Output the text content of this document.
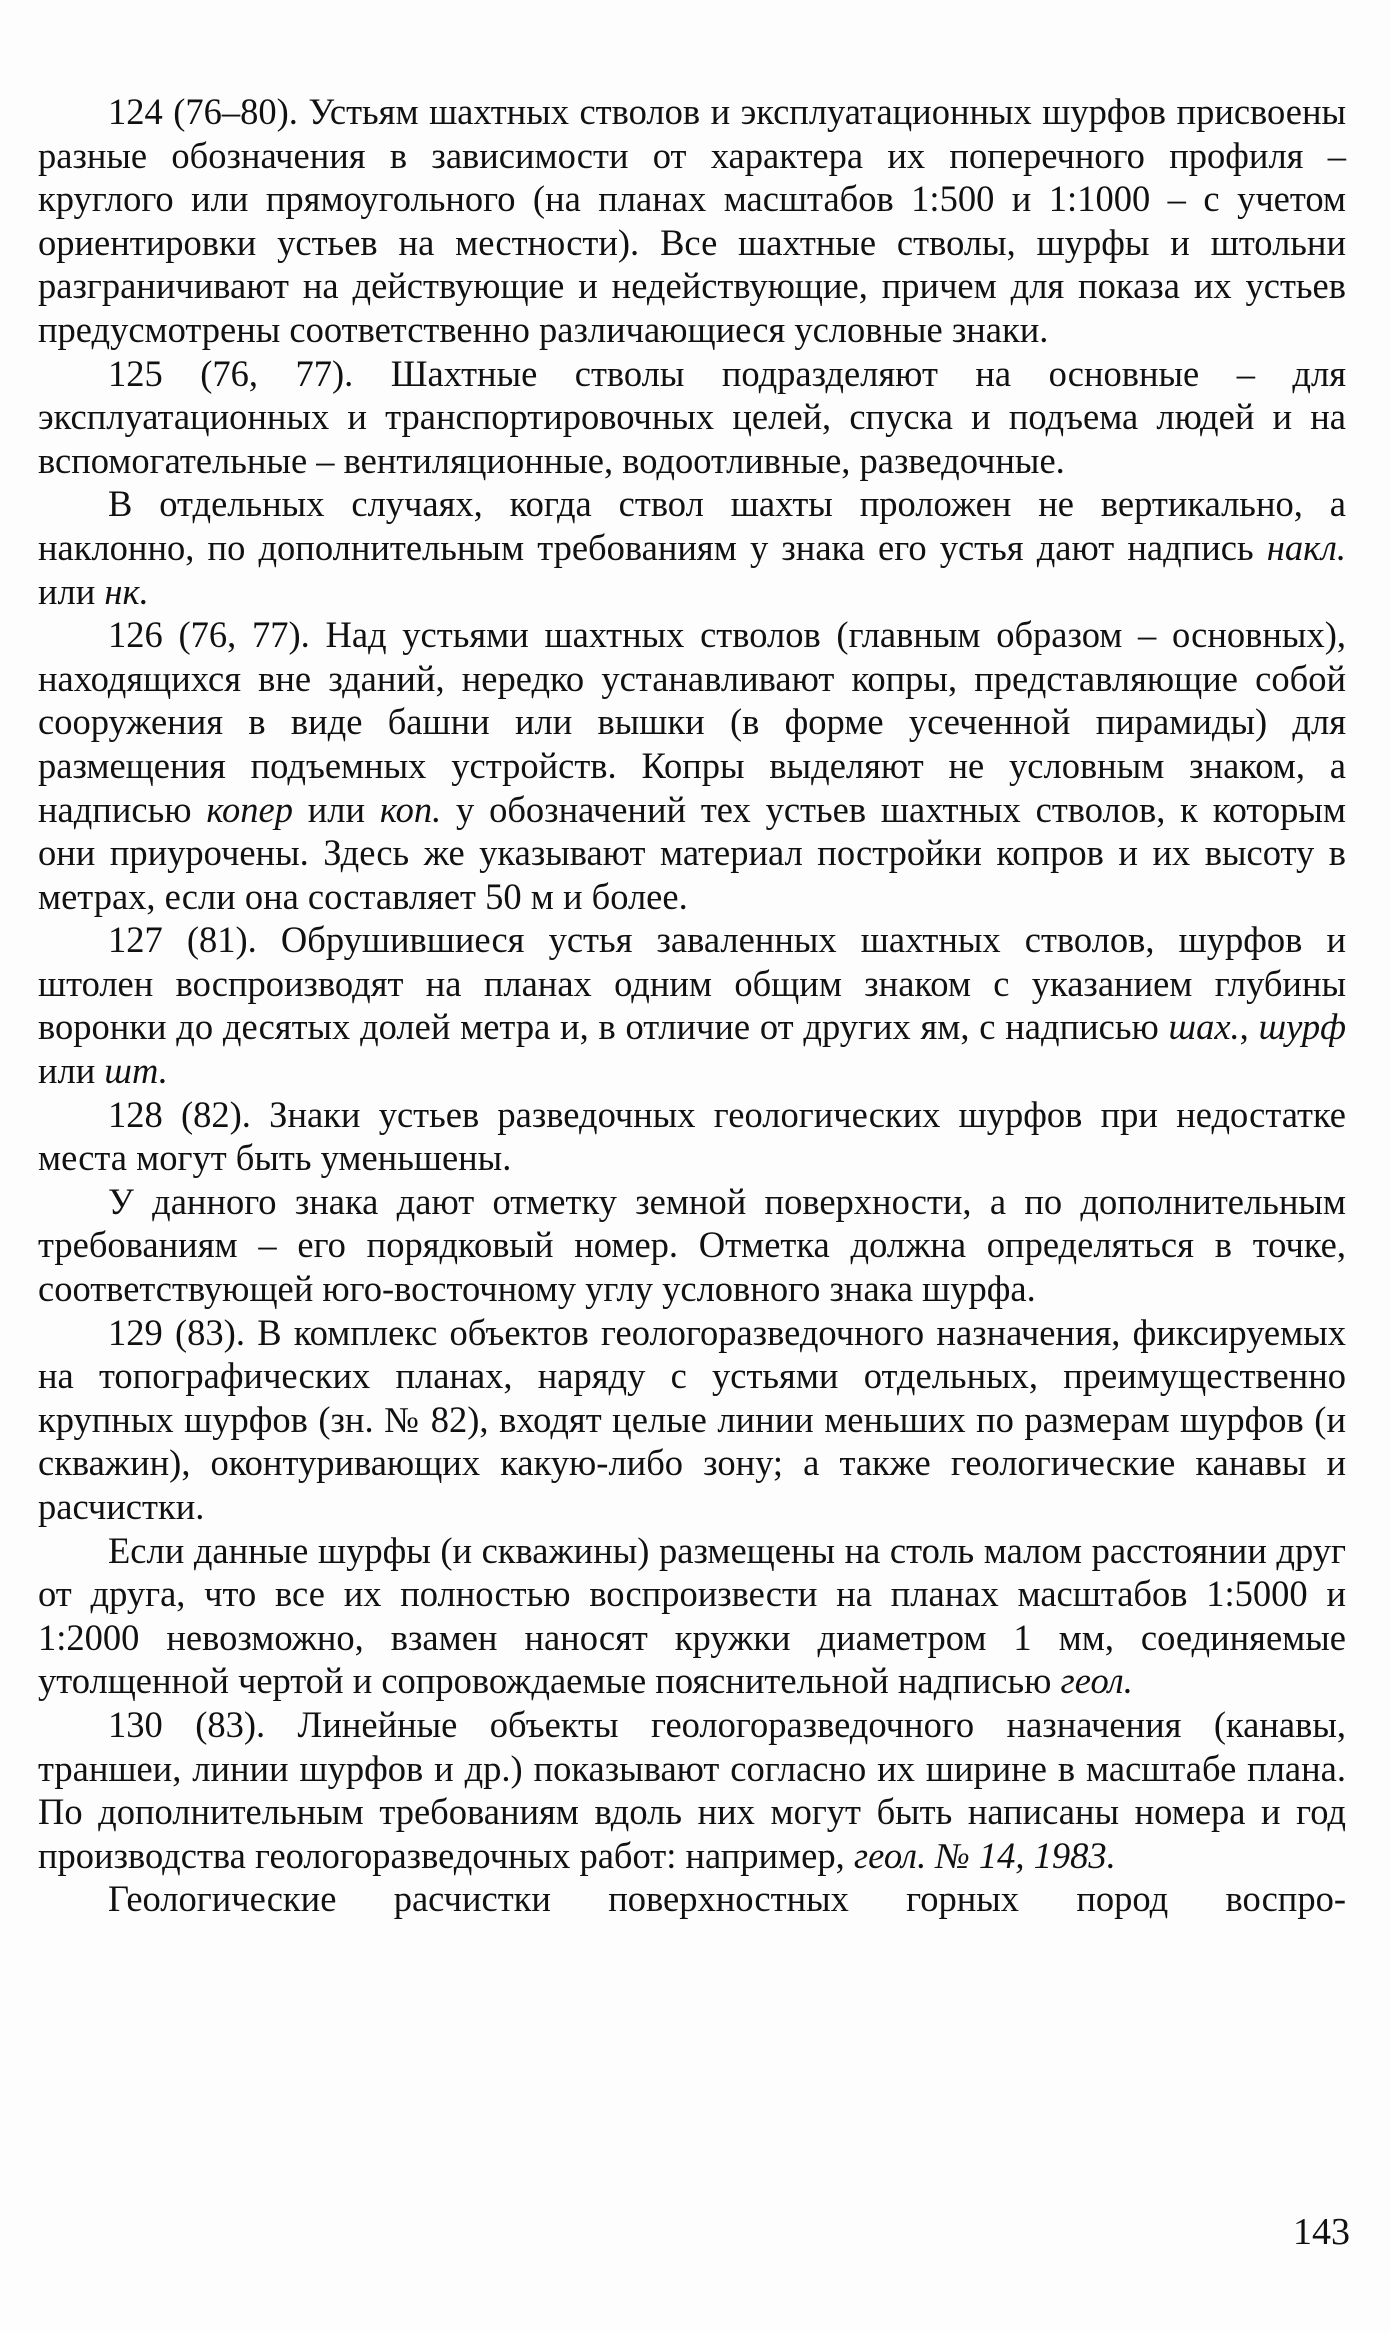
124 (76–80). Устьям шахтных стволов и эксплуатационных шурфов присвоены разные обозначения в зависимости от характера их поперечного профиля – круглого или прямоугольного (на планах масштабов 1:500 и 1:1000 – с учетом ориентировки устьев на местности). Все шахтные стволы, шурфы и штольни разграничивают на действующие и недействующие, причем для показа их устьев предусмотрены соответственно различающиеся условные знаки.

125 (76, 77). Шахтные стволы подразделяют на основные – для эксплуатационных и транспортировочных целей, спуска и подъема людей и на вспомогательные – вентиляционные, водоотливные, разведочные.

В отдельных случаях, когда ствол шахты проложен не вертикально, а наклонно, по дополнительным требованиям у знака его устья дают надпись накл. или нк.

126 (76, 77). Над устьями шахтных стволов (главным образом – основных), находящихся вне зданий, нередко устанавливают копры, представляющие собой сооружения в виде башни или вышки (в форме усеченной пирамиды) для размещения подъемных устройств. Копры выделяют не условным знаком, а надписью копер или коп. у обозначений тех устьев шахтных стволов, к которым они приурочены. Здесь же указывают материал постройки копров и их высоту в метрах, если она составляет 50 м и более.

127 (81). Обрушившиеся устья заваленных шахтных стволов, шурфов и штолен воспроизводят на планах одним общим знаком с указанием глубины воронки до десятых долей метра и, в отличие от других ям, с надписью шах., шурф или шт.

128 (82). Знаки устьев разведочных геологических шурфов при недостатке места могут быть уменьшены.

У данного знака дают отметку земной поверхности, а по дополнительным требованиям – его порядковый номер. Отметка должна определяться в точке, соответствующей юго-восточному углу условного знака шурфа.

129 (83). В комплекс объектов геологоразведочного назначения, фиксируемых на топографических планах, наряду с устьями отдельных, преимущественно крупных шурфов (зн. № 82), входят целые линии меньших по размерам шурфов (и скважин), оконтуривающих какую-либо зону; а также геологические канавы и расчистки.

Если данные шурфы (и скважины) размещены на столь малом расстоянии друг от друга, что все их полностью воспроизвести на планах масштабов 1:5000 и 1:2000 невозможно, взамен наносят кружки диаметром 1 мм, соединяемые утолщенной чертой и сопровождаемые пояснительной надписью геол.

130 (83). Линейные объекты геологоразведочного назначения (канавы, траншеи, линии шурфов и др.) показывают согласно их ширине в масштабе плана. По дополнительным требованиям вдоль них могут быть написаны номера и год производства геологоразведочных работ: например, геол. № 14, 1983.

Геологические расчистки поверхностных горных пород воспро-

143
